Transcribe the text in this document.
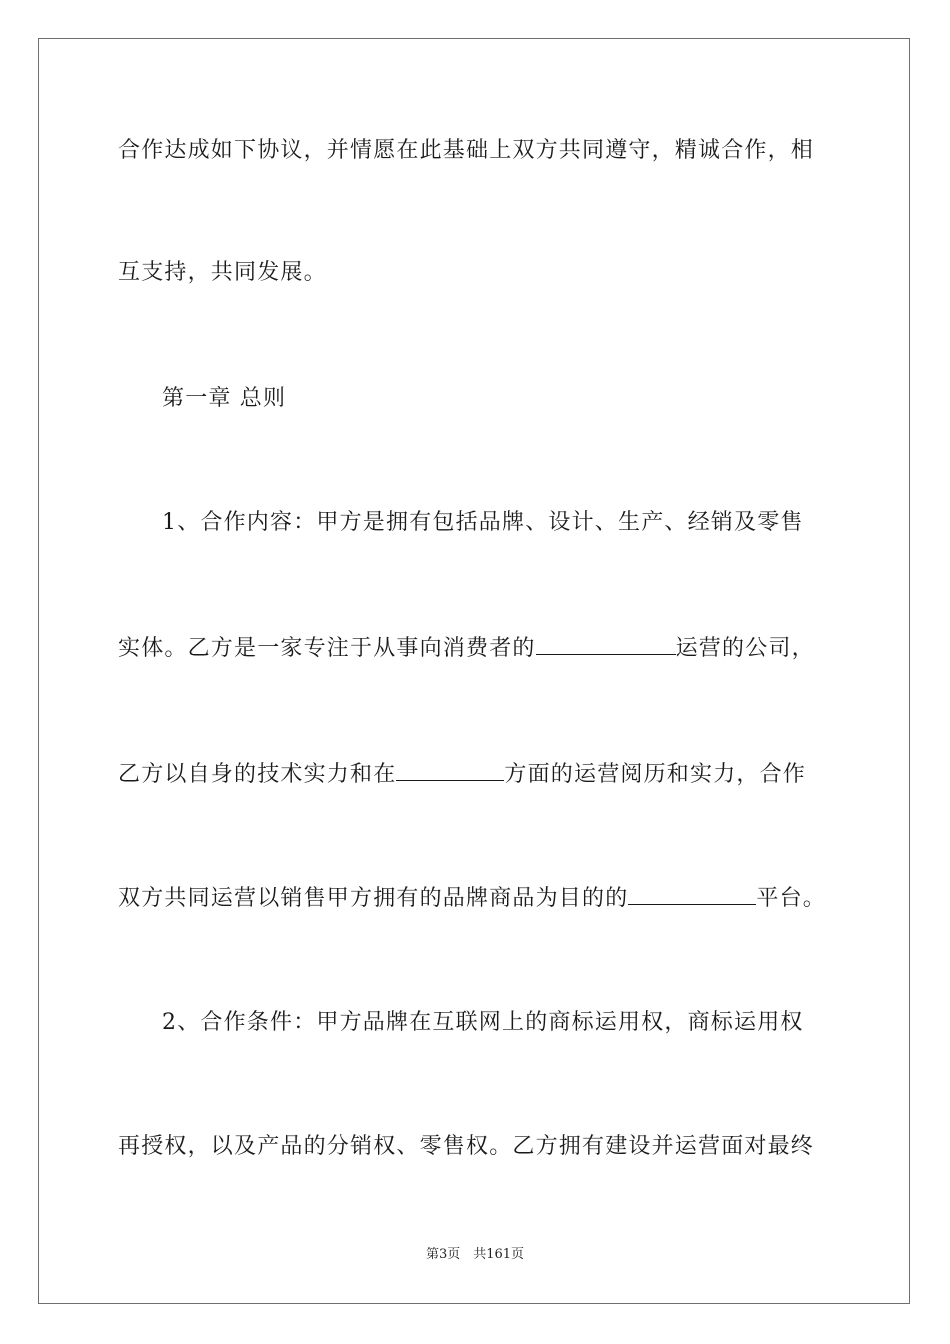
合作达成如下协议，并情愿在此基础上双方共同遵守，精诚合作，相
互支持，共同发展。
第一章 总则
1、合作内容：甲方是拥有包括品牌、设计、生产、经销及零售
实体。乙方是一家专注于从事向消费者的	运营的公司，
乙方以自身的技术实力和在	方面的运营阅历和实力，合作
双方共同运营以销售甲方拥有的品牌商品为目的的	平台。
2、合作条件：甲方品牌在互联网上的商标运用权，商标运用权
再授权，以及产品的分销权、零售权。乙方拥有建设并运营面对最终
第3页　共161页
